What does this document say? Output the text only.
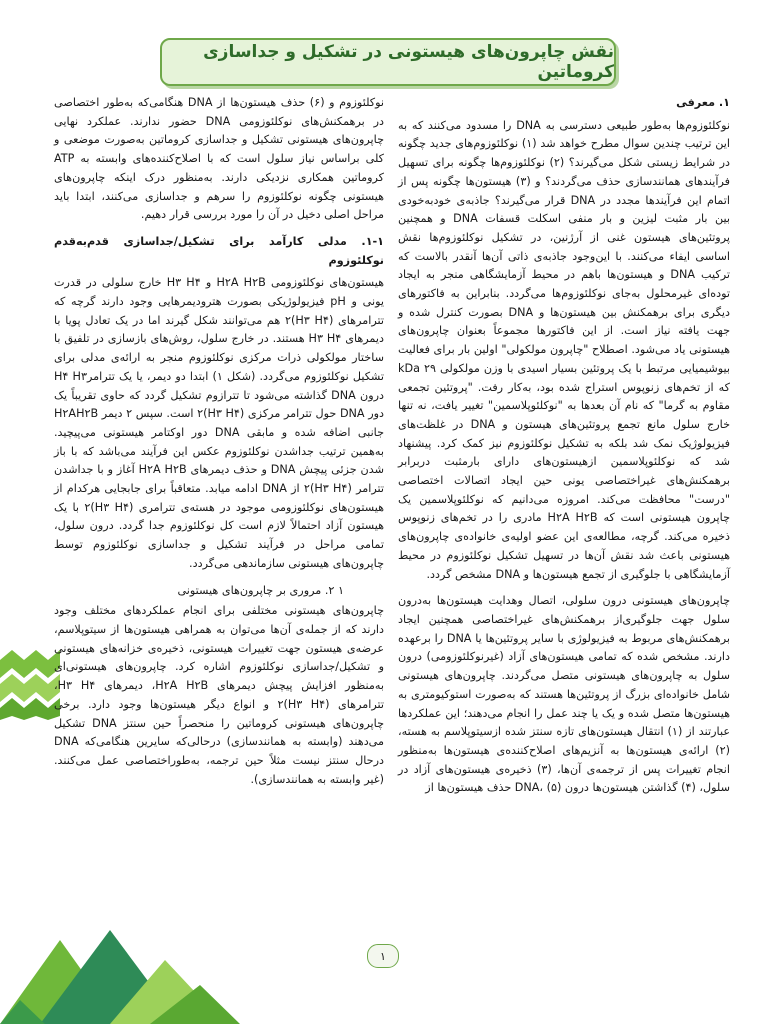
نقش چاپرون‌های هیستونی در تشکیل و جداسازی کروماتین
۱. معرفی

نوکلئوزوم‌ها به‌طور طبیعی دسترسی به DNA را مسدود می‌کنند که به این ترتیب چندین سوال مطرح خواهد شد (۱) نوکلئوزوم‌های جدید چگونه در شرایط زیستی شکل می‌گیرند؟ (۲) نوکلئوزوم‌ها چگونه برای تسهیل فرآیندهای همانندسازی حذف می‌گردند؟ و (۳) هیستون‌ها چگونه پس از اتمام این فرآیندها مجدد در DNA قرار می‌گیرند؟ جاذبه‌ی خودبه‌خودی بین بار مثبت لیزین و بار منفی اسکلت قسفات DNA و همچنین پروتئین‌های هیستون غنی از آرژنین، در تشکیل نوکلئوزوم‌ها نقش اساسی ایفاء می‌کنند. با این‌وجود جاذبه‌ی ذاتی آن‌ها آنقدر بالاست که ترکیب DNA و هیستون‌ها باهم در محیط آزمایشگاهی منجر به ایجاد توده‌ای غیرمحلول به‌جای نوکلئوزوم‌ها می‌گردد. بنابراین به فاکتورهای دیگری برای برهمکنش بین هیستون‌ها و DNA بصورت کنترل شده و جهت یافته نیاز است. از این فاکتورها مجموعاً بعنوان چاپرون‌های هیستونی یاد می‌شود. اصطلاح "چاپرون مولکولی" اولین بار برای فعالیت بیوشیمیایی مرتبط با یک پروتئین بسیار اسیدی با وزن مولکولی ۲۹ kDa که از تخم‌های زنوپوس استراج شده بود، به‌کار رفت. "پروتئین تجمعی مقاوم به گرما" که نام آن بعدها به "نوکلئوپلاسمین" تغییر یافت، نه تنها خارج سلول مانع تجمع پروتئین‌های هیستون و DNA در غلظت‌های فیزیولوژیک نمک شد بلکه به تشکیل نوکلئوزوم نیز کمک کرد. پیشنهاد شد که نوکلئوپلاسمین ازهیستون‌های دارای بارمثبت دربرابر برهمکنش‌های غیراختصاصی یونی حین ایجاد اتصالات اختصاصی "درست" محافظت می‌کند. امروزه می‌دانیم که نوکلئوپلاسمین یک چاپرون هیستونی است که H۲A H۲B مادری را در تخم‌های زنوپوس ذخیره می‌کند. گرچه، مطالعه‌ی این عضو اولیه‌ی خانواده‌ی چاپرون‌های هیستونی باعث شد نقش آن‌ها در تسهیل تشکیل نوکلئوزوم در محیط آزمایشگاهی با جلوگیری از تجمع هیستون‌ها و DNA مشخص گردد.

چاپرون‌های هیستونی درون سلولی، اتصال وهدایت هیستون‌ها به‌درون سلول جهت جلوگیری‌از برهمکنش‌های غیراختصاصی همچنین ایجاد برهمکنش‌های مربوط به فیزیولوژی با سایر پروتئین‌ها یا DNA را برعهده دارند. مشخص شده که تمامی هیستون‌های آزاد (غیرنوکلئوزومی) درون سلول به چاپرون‌های هیستونی متصل می‌گردند. چاپرون‌های هیستونی شامل خانواده‌ای بزرگ از پروتئین‌ها هستند که به‌صورت استوکیومتری به هیستون‌ها متصل شده و یک یا چند عمل را انجام می‌دهند؛ این عملکردها عبارتند از (۱) انتقال هیستون‌های تازه سنتز شده ازسیتوپلاسم به هسته، (۲) ارائه‌ی هیستون‌ها به آنزیم‌های اصلاح‌کننده‌ی هیستون‌ها به‌منظور انجام تغییرات پس از ترجمه‌ی آن‌ها، (۳) ذخیره‌ی هیستون‌های آزاد در سلول، (۴) گذاشتن هیستون‌ها درون DNA، (۵) حذف هیستون‌ها از

نوکلئوزوم و (۶) حذف هیستون‌ها از DNA هنگامی‌که به‌طور اختصاصی در برهمکنش‌های نوکلئوزومی DNA حضور ندارند. عملکرد نهایی چاپرون‌های هیستونی تشکیل و جداسازی کروماتین به‌صورت موضعی و کلی براساس نیاز سلول است که با اصلاح‌کننده‌های وابسته به ATP کروماتین همکاری نزدیکی دارند. به‌منظور درک اینکه چاپرون‌های هیستونی چگونه نوکلئوزوم را سرهم و جداسازی می‌کنند، ابتدا باید مراحل اصلی دخیل در آن را مورد بررسی قرار دهیم.

۱-۱. مدلی کارآمد برای تشکیل/جداسازی قدم‌به‌قدم نوکلئوزوم

هیستون‌های نوکلئوزومی H۲A H۲B و H۳ H۴ خارج سلولی در قدرت یونی و pH فیزیولوژیکی بصورت هتروديمرهایی وجود دارند گرچه که تترامرهای (H۳ H۴)۲ هم می‌توانند شکل گیرند اما در یک تعادل پویا با دیمرهای H۳ H۴ هستند. در خارج سلول، روش‌های بازسازی در تلفیق با ساختار مولکولی ذرات مرکزی نوکلئوزوم منجر به ارائه‌ی مدلی برای تشکیل نوکلئوزوم می‌گردد. (شکل ۱) ابتدا دو دیمر، یا یک تترامرH۴ H۳ درون DNA گذاشته می‌شود تا تترازوم تشکیل گردد که حاوی تقریباً یک دور DNA حول تترامر مرکزی (H۳ H۴)۲ است. سپس ۲ دیمر H۲AH۲B جانبی اضافه شده و مابقی DNA دور اوکتامر هیستونی می‌پیچید. به‌همین ترتیب جداشدن نوکلئوزوم عکس این فرآیند می‌باشد که با باز شدن جزئی پیچش DNA و حذف دیمرهای H۲A H۲B آغاز و با جداشدن تترامر (H۳ H۴)۲ از DNA ادامه میابد. متعاقباً برای جابجایی هرکدام از هیستون‌های نوکلئوزومی موجود در هسته‌ی تترامری (H۳ H۴)۲ با یک هیستون آزاد احتمالاً لازم است کل نوکلئوزوم جدا گردد. درون سلول، تمامی مراحل در فرآیند تشکیل و جداسازی نوکلئوزوم توسط چاپرون‌های هیستونی سازماندهی می‌گردد.

۱ ۲. مروری بر چاپرون‌های هیستونی

چاپرون‌های هیستونی مختلفی برای انجام عملکردهای مختلف وجود دارند که از جمله‌ی آن‌ها می‌توان به همراهی هیستون‌ها از سیتوپلاسم، عرضه‌ی هیستون جهت تغییرات هیستونی، ذخیره‌ی خزانه‌های هیستونی و تشکیل/جداسازی نوکلئوزوم اشاره کرد. چاپرون‌های هیستونی‌ای به‌منظور افزایش پیچش دیمرهای H۲A H۲B، دیمرهای H۳ H۴، تترامرهای (H۳ H۴)۲ و انواع دیگر هیستون‌ها وجود دارد. برخی چاپرون‌های هیستونی کروماتین را منحصراً حین سنتز DNA تشکیل می‌دهند (وابسته به همانندسازی) درحالی‌که سایرین هنگامی‌که DNA درحال سنتز نیست مثلاً حین ترجمه، به‌طوراختصاصی عمل می‌کنند. (غیر وابسته به همانندسازی).

۱
